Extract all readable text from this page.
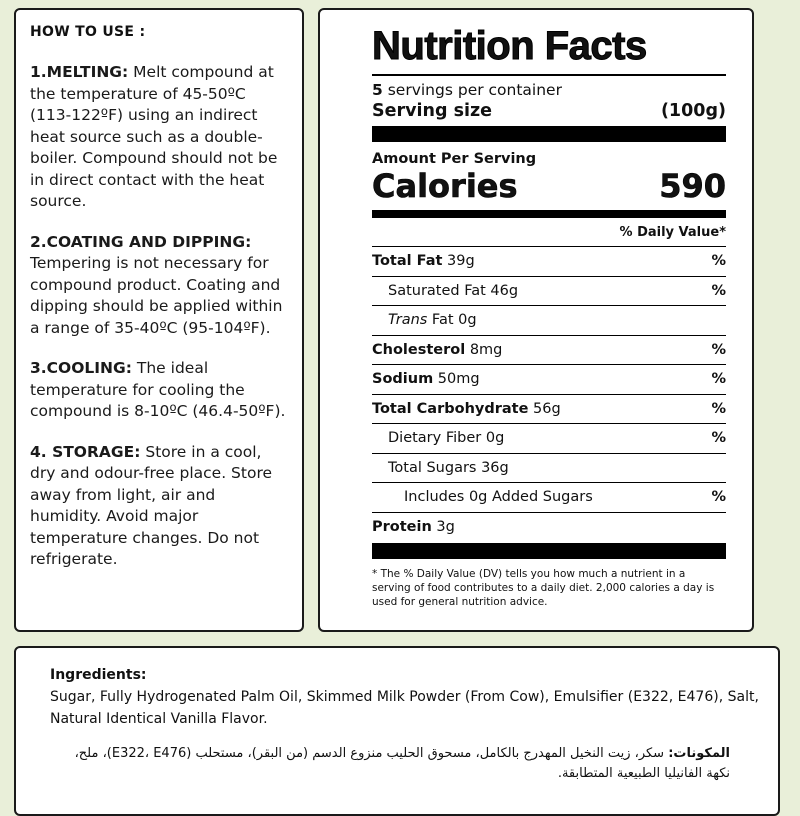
HOW TO USE :

1.MELTING: Melt compound at the temperature of 45-50ºC (113-122ºF) using an indirect heat source such as a double-boiler. Compound should not be in direct contact with the heat source.

2.COATING AND DIPPING: Tempering is not necessary for compound product. Coating and dipping should be applied within a range of 35-40ºC (95-104ºF).

3.COOLING: The ideal temperature for cooling the compound is 8-10ºC (46.4-50ºF).

4. STORAGE: Store in a cool, dry and odour-free place. Store away from light, air and humidity. Avoid major temperature changes. Do not refrigerate.

Nutrition Facts
5 servings per container
Serving size	(100g)
Amount Per Serving
Calories	590
% Daily Value*
Total Fat 39g	%
Saturated Fat 46g	%
Trans Fat 0g
Cholesterol 8mg	%
Sodium 50mg	%
Total Carbohydrate 56g	%
Dietary Fiber 0g	%
Total Sugars 36g
Includes 0g Added Sugars	%
Protein 3g
* The % Daily Value (DV) tells you how much a nutrient in a serving of food contributes to a daily diet. 2,000 calories a day is used for general nutrition advice.
Ingredients:
Sugar, Fully Hydrogenated Palm Oil, Skimmed Milk Powder (From Cow), Emulsifier (E322, E476), Salt, Natural Identical Vanilla Flavor.
المكونات: سكر، زيت النخيل المهدرج بالكامل، مسحوق الحليب منزوع الدسم (من البقر)، مستحلب (E322، E476)، ملح، نكهة الفانيليا الطبيعية المتطابقة.
